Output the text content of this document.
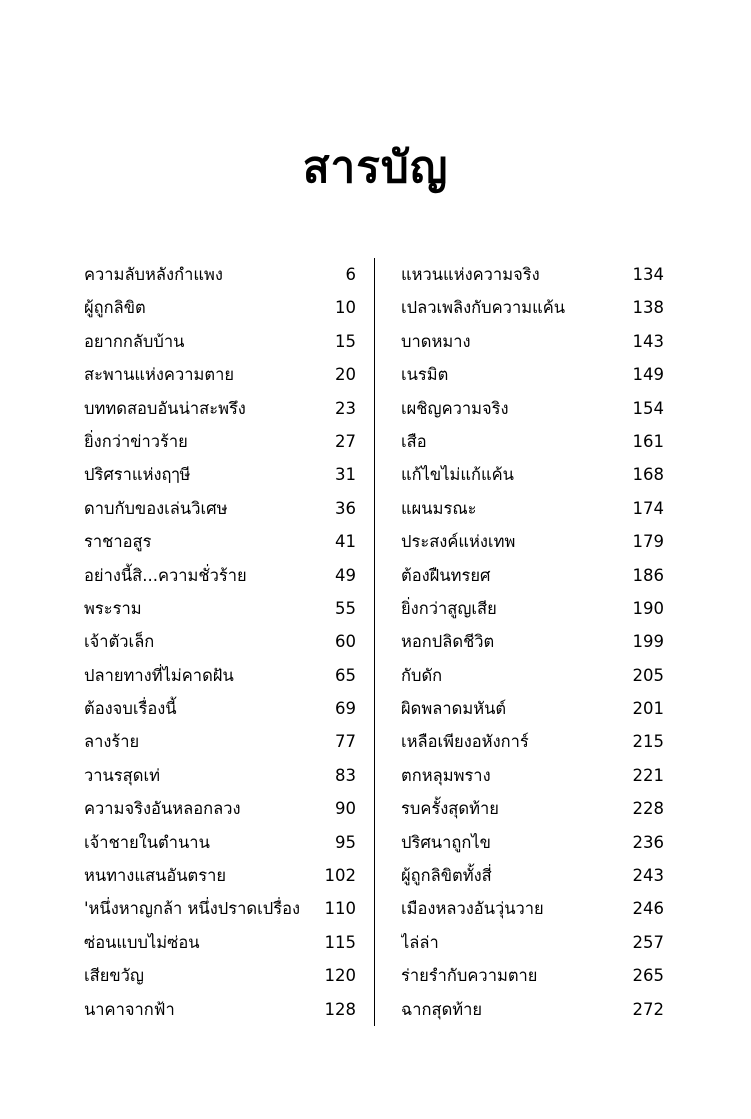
สารบัญ
ความลับหลังกำแพง	6
ผู้ถูกลิขิต	10
อยากกลับบ้าน	15
สะพานแห่งความตาย	20
บททดสอบอันน่าสะพรึง	23
ยิ่งกว่าข่าวร้าย	27
ปริศราแห่งฤๅษี	31
ดาบกับของเล่นวิเศษ	36
ราชาอสูร	41
อย่างนี้สิ...ความชั่วร้าย	49
พระราม	55
เจ้าตัวเล็ก	60
ปลายทางที่ไม่คาดฝัน	65
ต้องจบเรื่องนี้	69
ลางร้าย	77
วานรสุดเท่	83
ความจริงอันหลอกลวง	90
เจ้าชายในตำนาน	95
หนทางแสนอันตราย	102
'หนึ่งหาญกล้า หนึ่งปราดเปรื่อง	110
ซ่อนแบบไม่ซ่อน	115
เสียขวัญ	120
นาคาจากฟ้า	128
แหวนแห่งความจริง	134
เปลวเพลิงกับความแค้น	138
บาดหมาง	143
เนรมิต	149
เผชิญความจริง	154
เสือ	161
แก้ไขไม่แก้แค้น	168
แผนมรณะ	174
ประสงค์แห่งเทพ	179
ต้องฝืนทรยศ	186
ยิ่งกว่าสูญเสีย	190
หอกปลิดชีวิต	199
กับดัก	205
ผิดพลาดมหันต์	201
เหลือเพียงอหังการ์	215
ตกหลุมพราง	221
รบครั้งสุดท้าย	228
ปริศนาถูกไข	236
ผู้ถูกลิขิตทั้งสี่	243
เมืองหลวงอันวุ่นวาย	246
ไล่ล่า	257
ร่ายรำกับความตาย	265
ฉากสุดท้าย	272
